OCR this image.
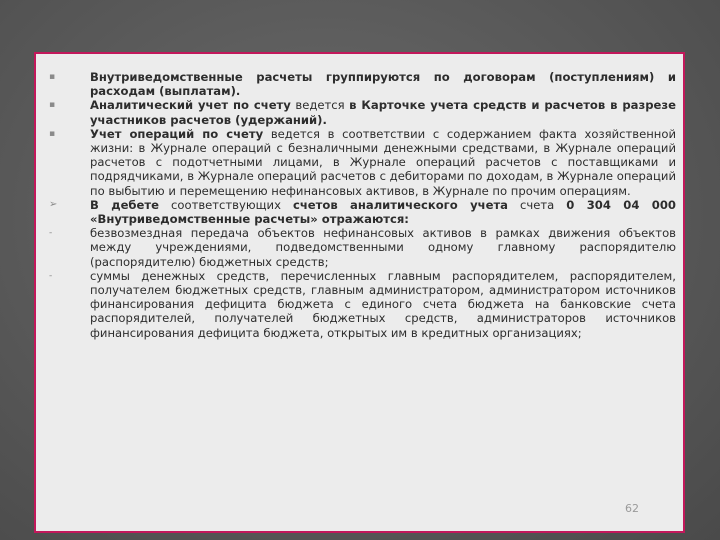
▪	Внутриведомственные расчеты группируются по договорам (поступлениям) и расходам (выплатам).
▪	Аналитический учет по счету ведется в Карточке учета средств и расчетов в разрезе участников расчетов (удержаний).
▪	Учет операций по счету ведется в соответствии с содержанием факта хозяйственной жизни: в Журнале операций с безналичными денежными средствами, в Журнале операций расчетов с подотчетными лицами, в Журнале операций расчетов с поставщиками и подрядчиками, в Журнале операций расчетов с дебиторами по доходам, в Журнале операций по выбытию и перемещению нефинансовых активов, в Журнале по прочим операциям.
➢	В дебете соответствующих счетов аналитического учета счета 0 304 04 000 «Внутриведомственные расчеты» отражаются:
-	безвозмездная передача объектов нефинансовых активов в рамках движения объектов между учреждениями, подведомственными одному главному распорядителю (распорядителю) бюджетных средств;
-	суммы денежных средств, перечисленных главным распорядителем, распорядителем, получателем бюджетных средств, главным администратором, администратором источников финансирования дефицита бюджета с единого счета бюджета на банковские счета распорядителей, получателей бюджетных средств, администраторов источников финансирования дефицита бюджета, открытых им в кредитных организациях;
62
